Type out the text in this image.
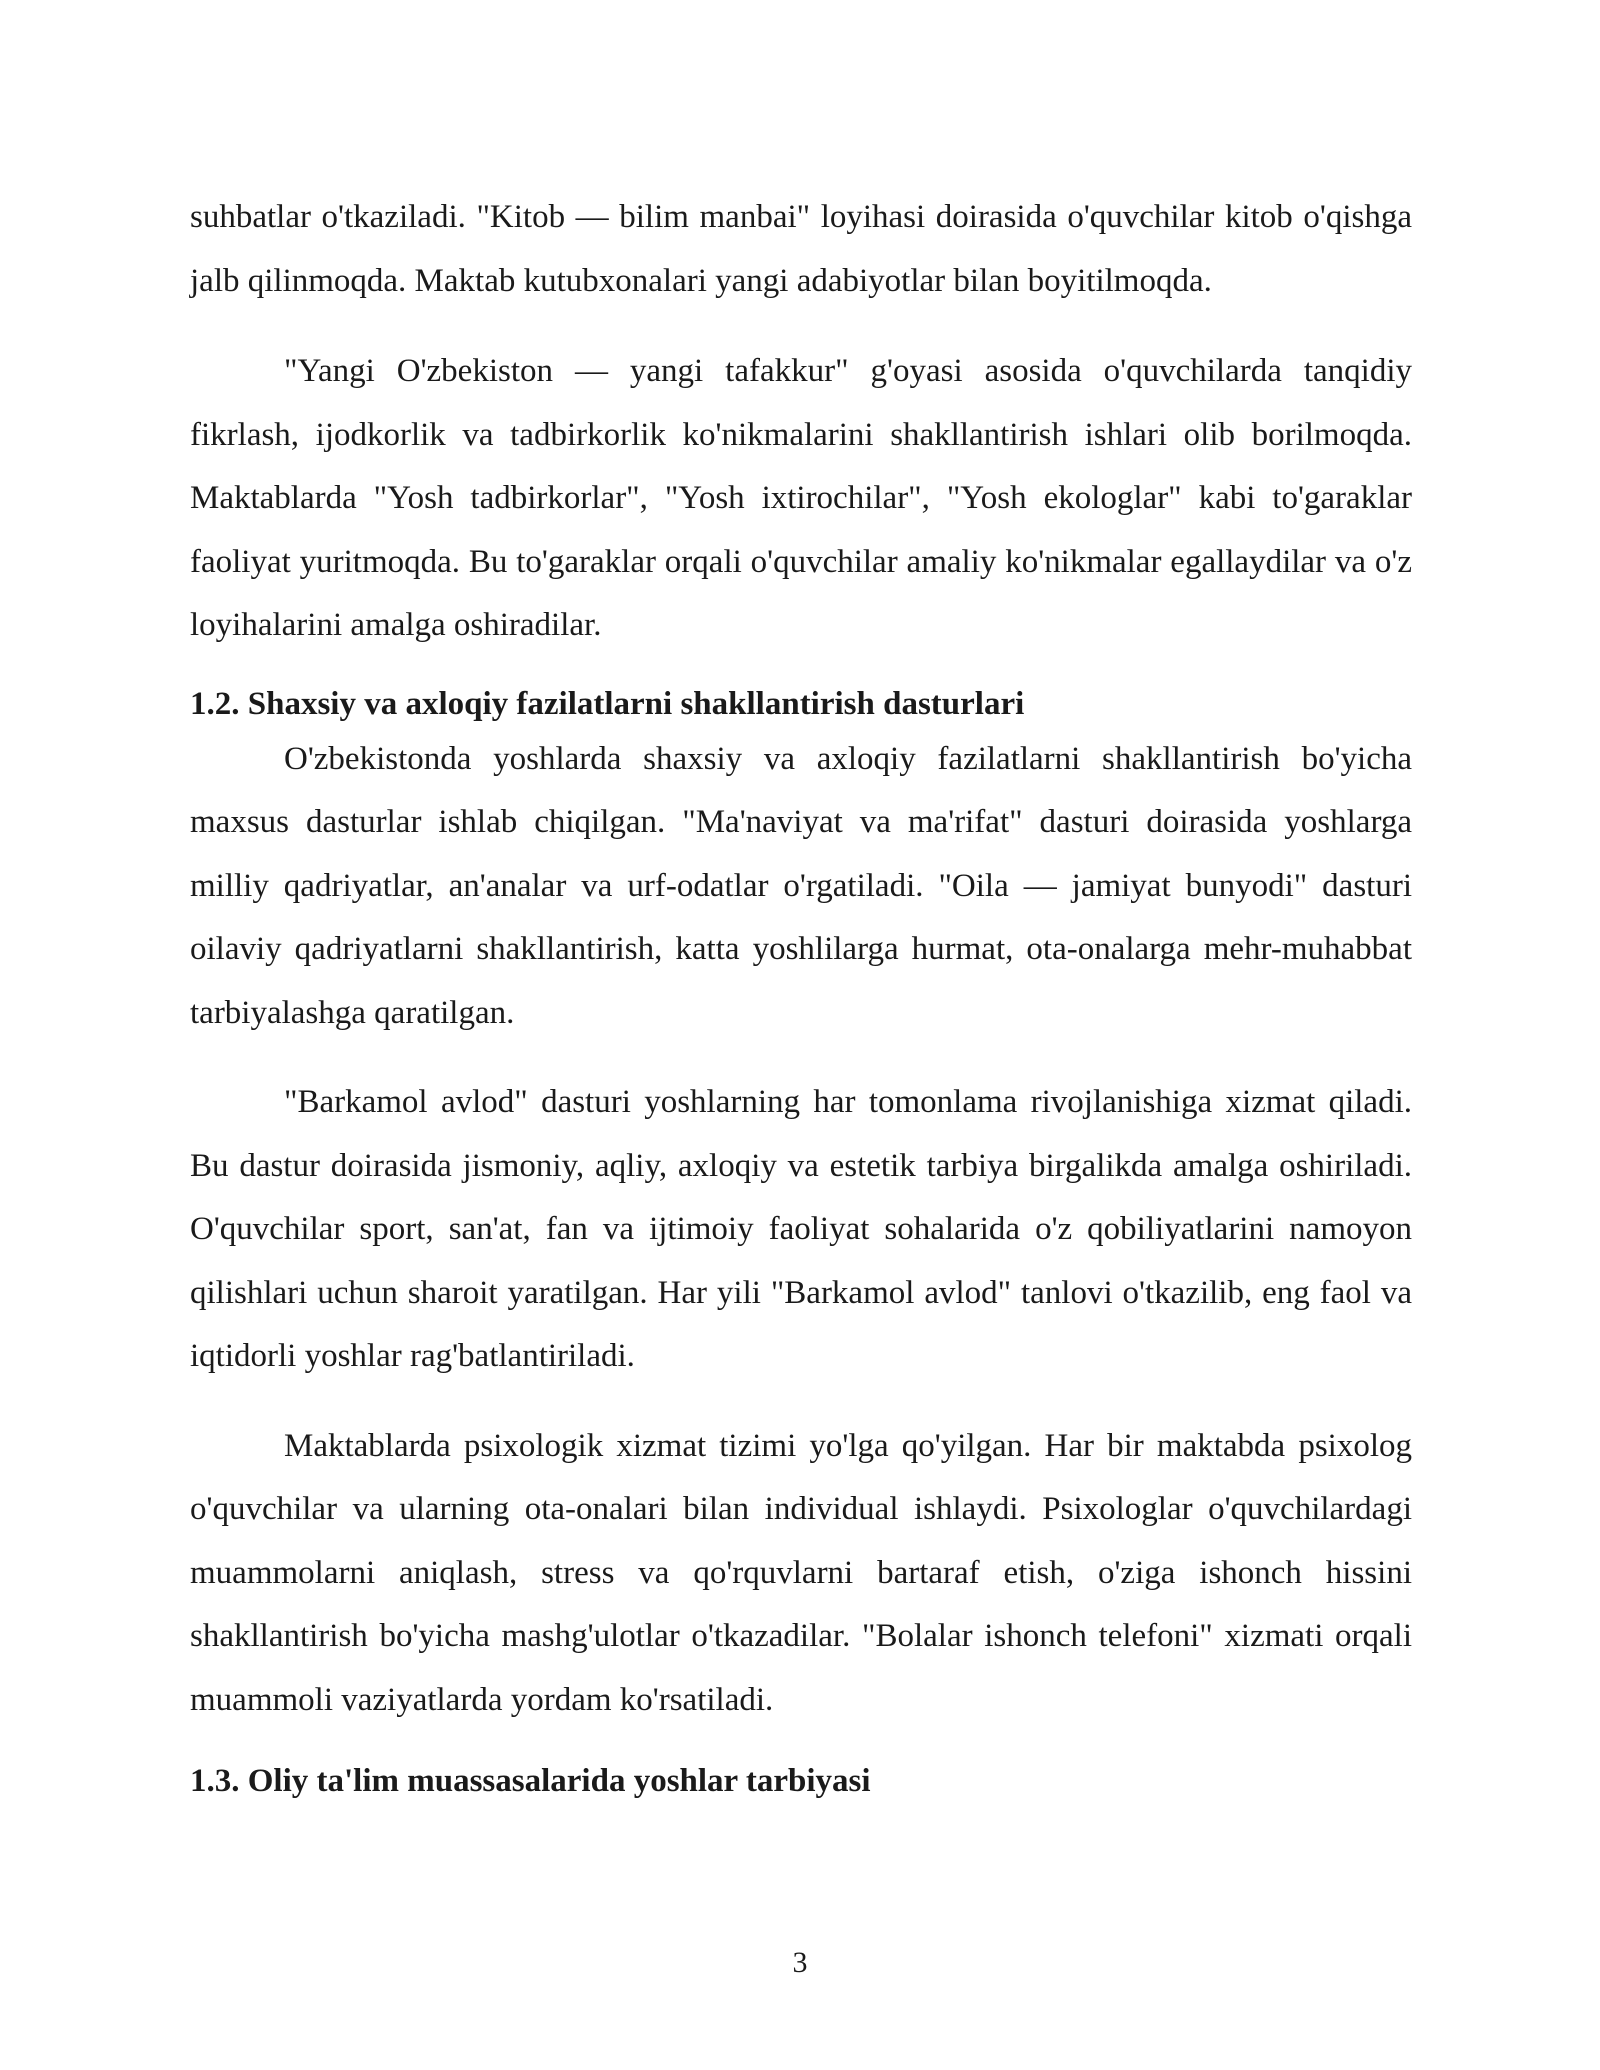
suhbatlar o'tkaziladi. "Kitob — bilim manbai" loyihasi doirasida o'quvchilar kitob o'qishga jalb qilinmoqda. Maktab kutubxonalari yangi adabiyotlar bilan boyitilmoqda.

"Yangi O'zbekiston — yangi tafakkur" g'oyasi asosida o'quvchilarda tanqidiy fikrlash, ijodkorlik va tadbirkorlik ko'nikmalarini shakllantirish ishlari olib borilmoqda. Maktablarda "Yosh tadbirkorlar", "Yosh ixtirochilar", "Yosh ekologlar" kabi to'garaklar faoliyat yuritmoqda. Bu to'garaklar orqali o'quvchilar amaliy ko'nikmalar egallaydilar va o'z loyihalarini amalga oshiradilar.

1.2. Shaxsiy va axloqiy fazilatlarni shakllantirish dasturlari

O'zbekistonda yoshlarda shaxsiy va axloqiy fazilatlarni shakllantirish bo'yicha maxsus dasturlar ishlab chiqilgan. "Ma'naviyat va ma'rifat" dasturi doirasida yoshlarga milliy qadriyatlar, an'analar va urf-odatlar o'rgatiladi. "Oila — jamiyat bunyodi" dasturi oilaviy qadriyatlarni shakllantirish, katta yoshlilarga hurmat, ota-onalarga mehr-muhabbat tarbiyalashga qaratilgan.

"Barkamol avlod" dasturi yoshlarning har tomonlama rivojlanishiga xizmat qiladi. Bu dastur doirasida jismoniy, aqliy, axloqiy va estetik tarbiya birgalikda amalga oshiriladi. O'quvchilar sport, san'at, fan va ijtimoiy faoliyat sohalarida o'z qobiliyatlarini namoyon qilishlari uchun sharoit yaratilgan. Har yili "Barkamol avlod" tanlovi o'tkazilib, eng faol va iqtidorli yoshlar rag'batlantiriladi.

Maktablarda psixologik xizmat tizimi yo'lga qo'yilgan. Har bir maktabda psixolog o'quvchilar va ularning ota-onalari bilan individual ishlaydi. Psixologlar o'quvchilardagi muammolarni aniqlash, stress va qo'rquvlarni bartaraf etish, o'ziga ishonch hissini shakllantirish bo'yicha mashg'ulotlar o'tkazadilar. "Bolalar ishonch telefoni" xizmati orqali muammoli vaziyatlarda yordam ko'rsatiladi.

1.3. Oliy ta'lim muassasalarida yoshlar tarbiyasi
3
